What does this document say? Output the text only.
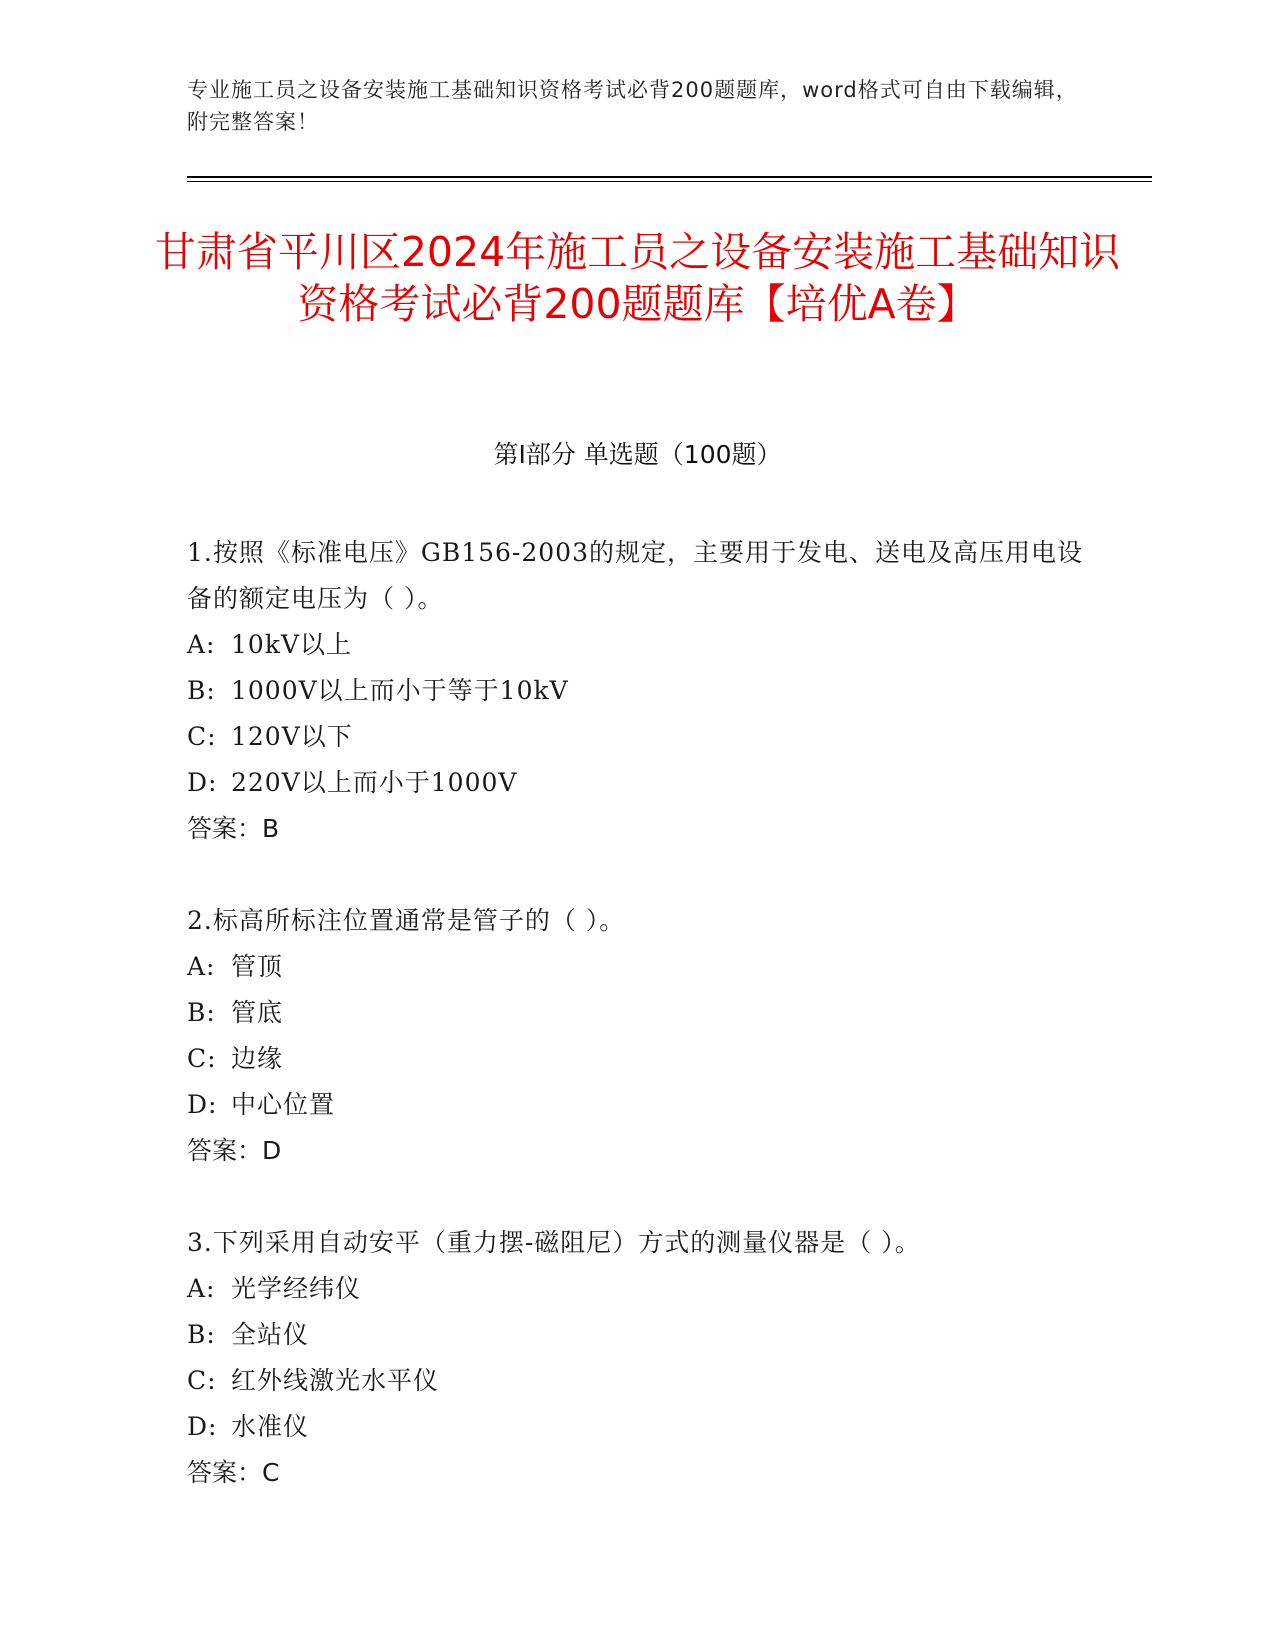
专业施工员之设备安装施工基础知识资格考试必背200题题库，word格式可自由下载编辑，附完整答案！
甘肃省平川区2024年施工员之设备安装施工基础知识资格考试必背200题题库【培优A卷】
第I部分 单选题（100题）
1.按照《标准电压》GB156-2003的规定，主要用于发电、送电及高压用电设备的额定电压为（ ）。
A: 10kV以上
B: 1000V以上而小于等于10kV
C: 120V以下
D: 220V以上而小于1000V
答案：B
2.标高所标注位置通常是管子的（ ）。
A: 管顶
B: 管底
C: 边缘
D: 中心位置
答案：D
3.下列采用自动安平（重力摆-磁阻尼）方式的测量仪器是（ ）。
A: 光学经纬仪
B: 全站仪
C: 红外线激光水平仪
D: 水准仪
答案：C
